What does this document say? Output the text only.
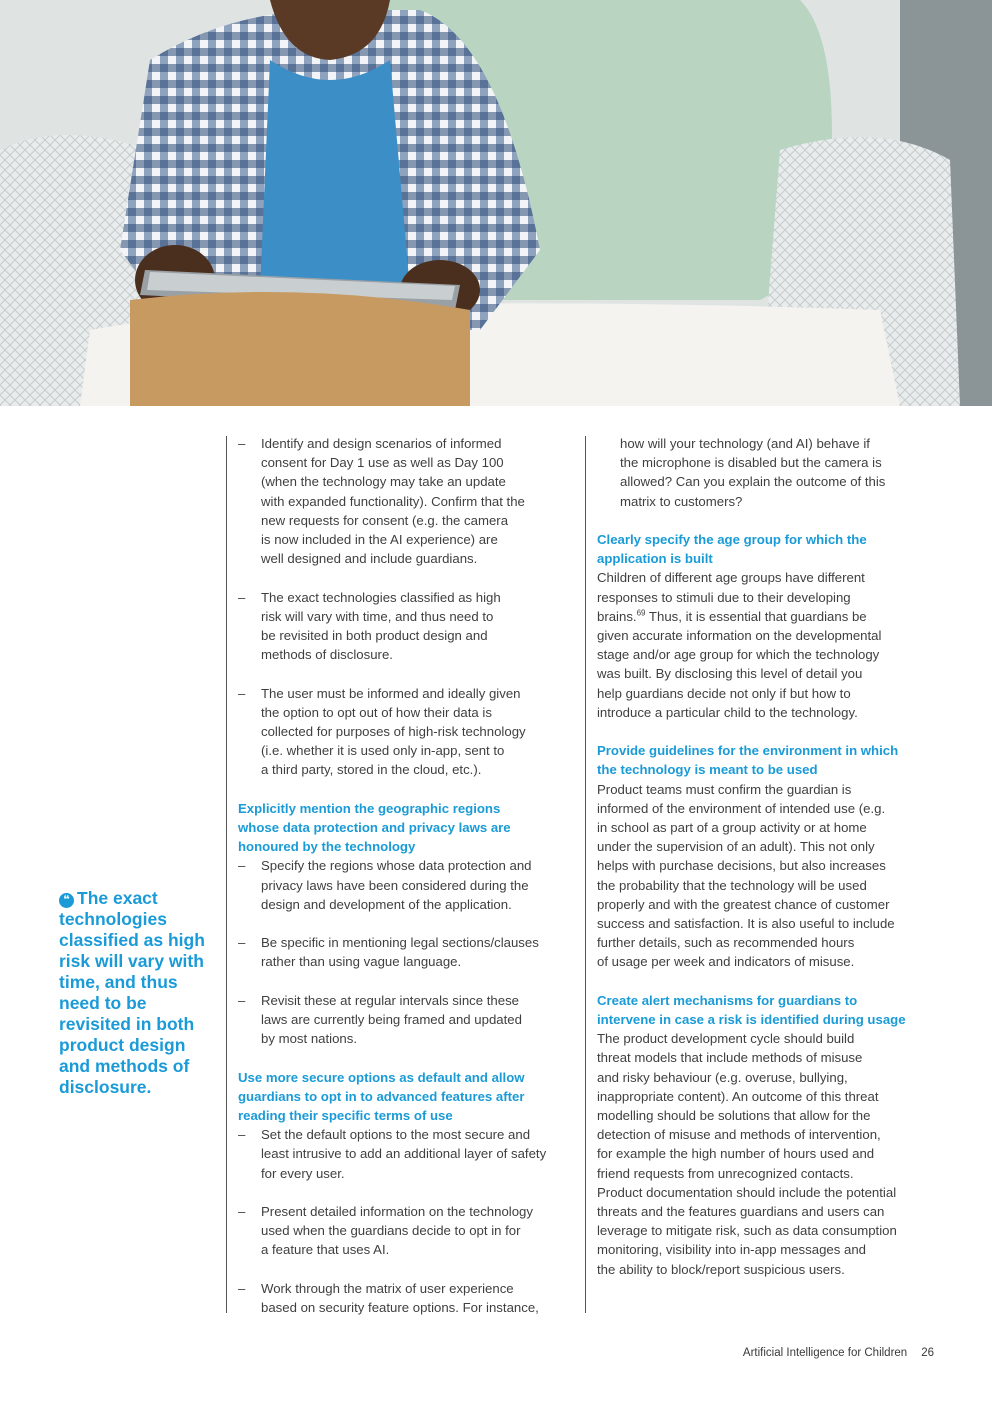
❝ The exact technologies classified as high risk will vary with time, and thus need to be revisited in both product design and methods of disclosure.
– Identify and design scenarios of informed
consent for Day 1 use as well as Day 100
(when the technology may take an update
with expanded functionality). Confirm that the
new requests for consent (e.g. the camera
is now included in the AI experience) are
well designed and include guardians.
– The exact technologies classified as high
risk will vary with time, and thus need to
be revisited in both product design and
methods of disclosure.
– The user must be informed and ideally given
the option to opt out of how their data is
collected for purposes of high-risk technology
(i.e. whether it is used only in-app, sent to
a third party, stored in the cloud, etc.).
Explicitly mention the geographic regions
whose data protection and privacy laws are
honoured by the technology
– Specify the regions whose data protection and
privacy laws have been considered during the
design and development of the application.
– Be specific in mentioning legal sections/clauses
rather than using vague language.
– Revisit these at regular intervals since these
laws are currently being framed and updated
by most nations.
Use more secure options as default and allow
guardians to opt in to advanced features after
reading their specific terms of use
– Set the default options to the most secure and
least intrusive to add an additional layer of safety
for every user.
– Present detailed information on the technology
used when the guardians decide to opt in for
a feature that uses AI.
– Work through the matrix of user experience
based on security feature options. For instance,
how will your technology (and AI) behave if
the microphone is disabled but the camera is
allowed? Can you explain the outcome of this
matrix to customers?
Clearly specify the age group for which the
application is built
Children of different age groups have different
responses to stimuli due to their developing
brains.$^{69}$ Thus, it is essential that guardians be
given accurate information on the developmental
stage and/or age group for which the technology
was built. By disclosing this level of detail you
help guardians decide not only if but how to
introduce a particular child to the technology.
Provide guidelines for the environment in which
the technology is meant to be used
Product teams must confirm the guardian is
informed of the environment of intended use (e.g.
in school as part of a group activity or at home
under the supervision of an adult). This not only
helps with purchase decisions, but also increases
the probability that the technology will be used
properly and with the greatest chance of customer
success and satisfaction. It is also useful to include
further details, such as recommended hours
of usage per week and indicators of misuse.
Create alert mechanisms for guardians to
intervene in case a risk is identified during usage
The product development cycle should build
threat models that include methods of misuse
and risky behaviour (e.g. overuse, bullying,
inappropriate content). An outcome of this threat
modelling should be solutions that allow for the
detection of misuse and methods of intervention,
for example the high number of hours used and
friend requests from unrecognized contacts.
Product documentation should include the potential
threats and the features guardians and users can
leverage to mitigate risk, such as data consumption
monitoring, visibility into in-app messages and
the ability to block/report suspicious users.
Artificial Intelligence for Children 26
